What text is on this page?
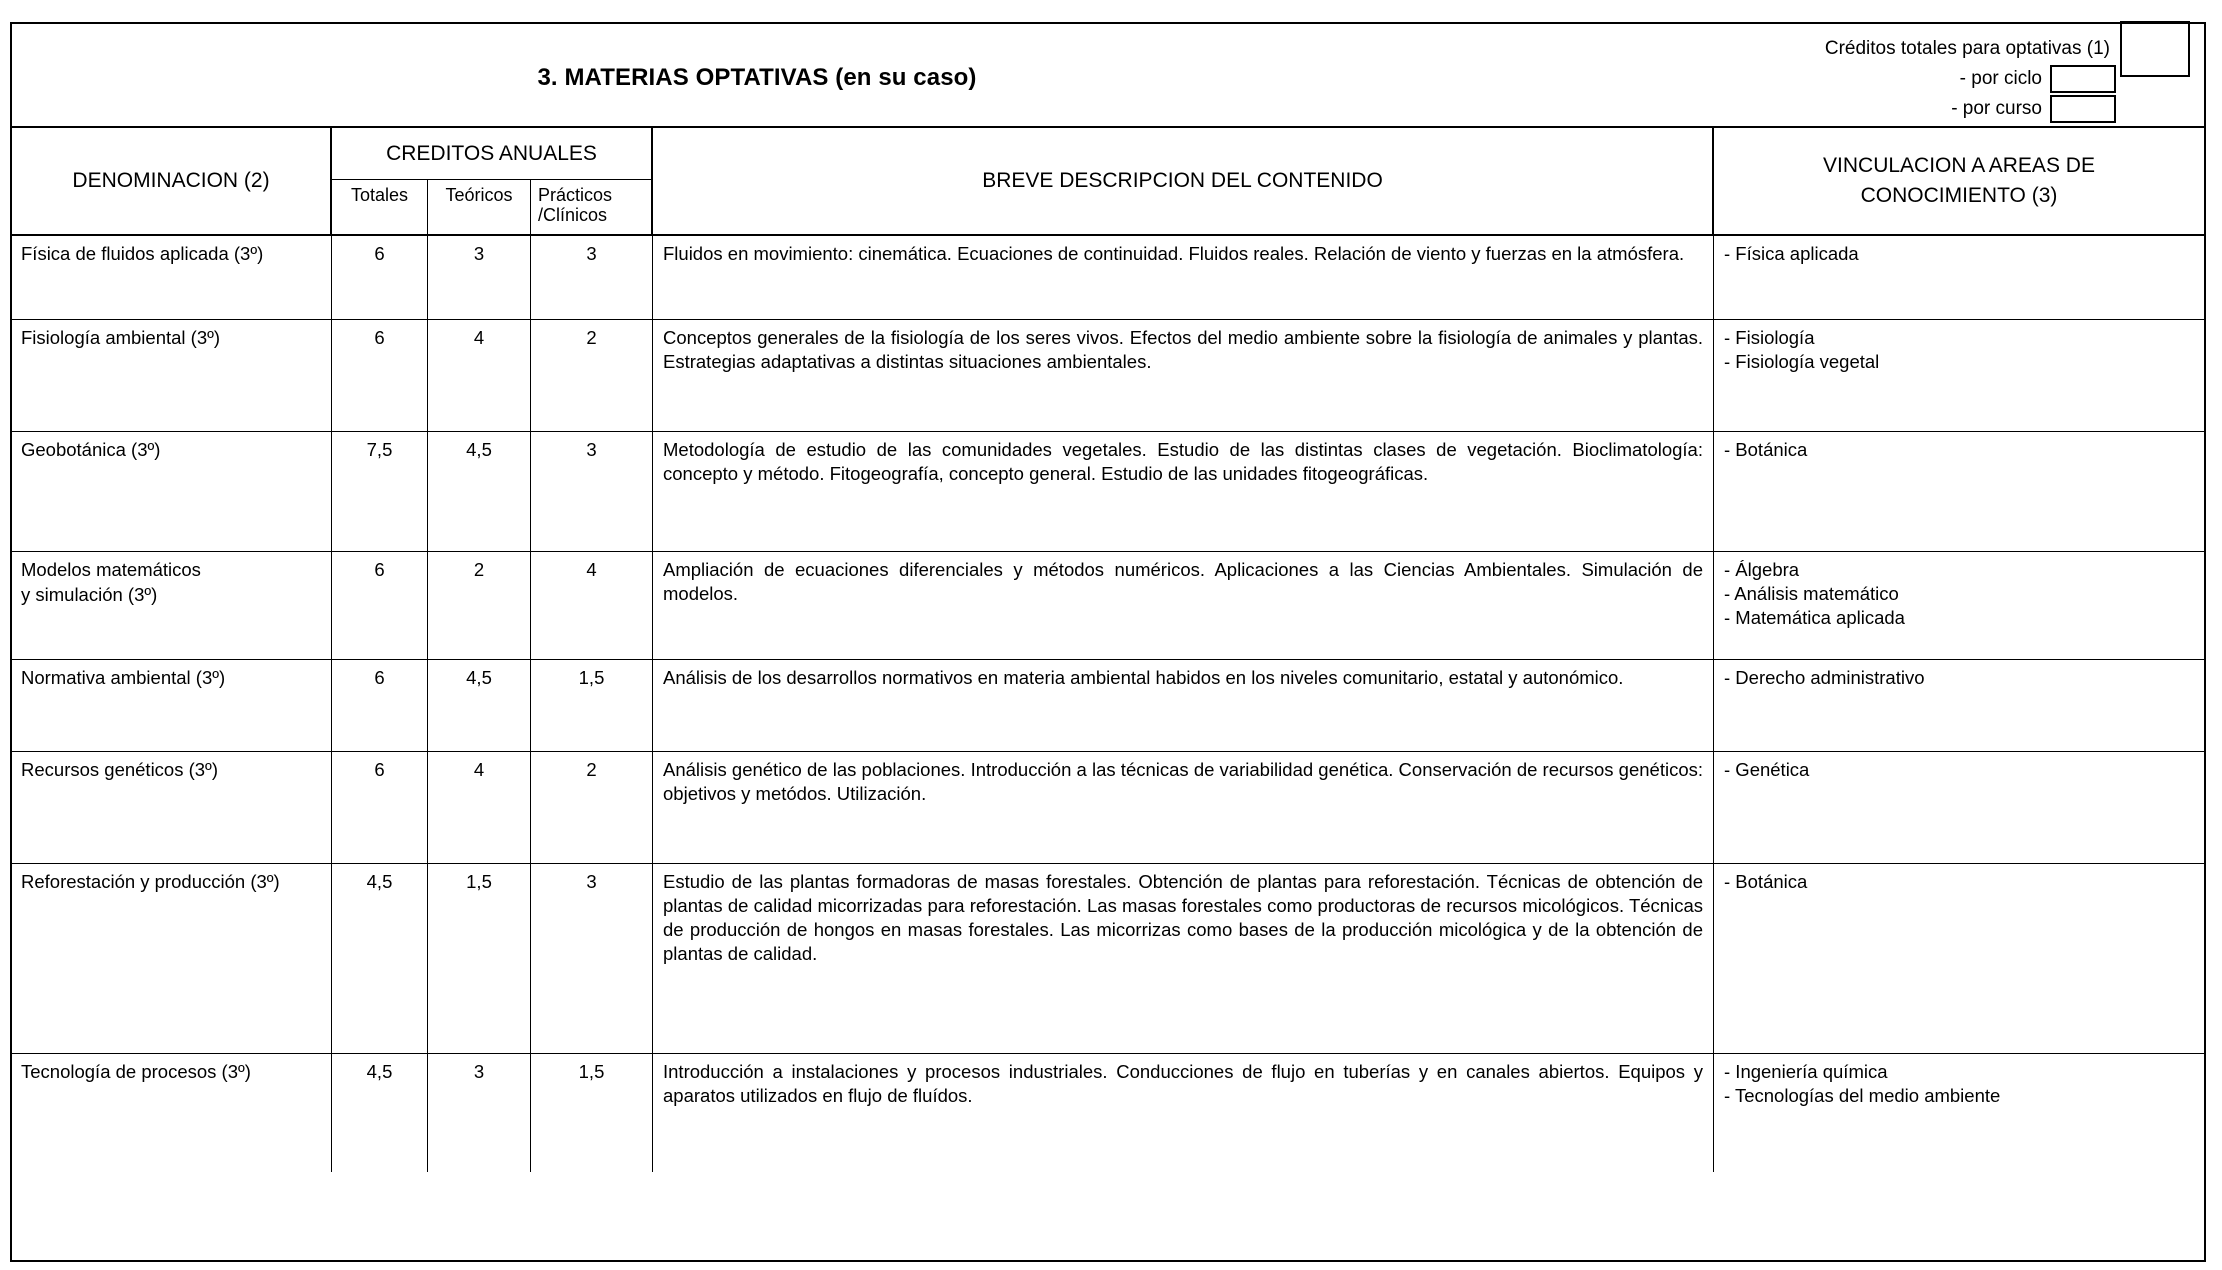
3. MATERIAS OPTATIVAS (en su caso)
Créditos totales para optativas (1)
- por ciclo
- por curso
DENOMINACION (2)
CREDITOS ANUALES
Totales	Teóricos	Prácticos
/Clínicos
BREVE DESCRIPCION DEL CONTENIDO
VINCULACION A AREAS DE
CONOCIMIENTO (3)
Física de fluidos aplicada (3º)	6	3	3	Fluidos en movimiento: cinemática. Ecuaciones de continuidad. Fluidos reales. Relación de viento y fuerzas en la atmósfera.	- Física aplicada
Fisiología ambiental (3º)	6	4	2	Conceptos generales de la fisiología de los seres vivos. Efectos del medio ambiente sobre la fisiología de animales y plantas. Estrategias adaptativas a distintas situaciones ambientales.
- Fisiología
- Fisiología vegetal
Geobotánica (3º)	7,5	4,5	3	Metodología de estudio de las comunidades vegetales. Estudio de las distintas clases de vegetación. Bioclimatología: concepto y método. Fitogeografía, concepto general. Estudio de las unidades fitogeográficas.
- Botánica
Modelos matemáticos
y simulación (3º)
6	2	4	Ampliación de ecuaciones diferenciales y métodos numéricos. Aplicaciones a las Ciencias Ambientales. Simulación de modelos.
- Álgebra
- Análisis matemático
- Matemática aplicada
Normativa ambiental (3º)	6	4,5	1,5	Análisis de los desarrollos normativos en materia ambiental habidos en los niveles comunitario, estatal y autonómico.	- Derecho administrativo
Recursos genéticos (3º)	6	4	2	Análisis genético de las poblaciones. Introducción a las técnicas de variabilidad genética. Conservación de recursos genéticos: objetivos y metódos. Utilización.
- Genética
Reforestación y producción (3º)	4,5	1,5	3	Estudio de las plantas formadoras de masas forestales. Obtención de plantas para reforestación. Técnicas de obtención de plantas de calidad micorrizadas para reforestación. Las masas forestales como productoras de recursos micológicos. Técnicas de producción de hongos en masas forestales. Las micorrizas como bases de la producción micológica y de la obtención de plantas de calidad.
- Botánica
Tecnología de procesos (3º)	4,5	3	1,5	Introducción a instalaciones y procesos industriales. Conducciones de flujo en tuberías y en canales abiertos. Equipos y aparatos utilizados en flujo de fluídos.
- Ingeniería química
- Tecnologías del medio ambiente
